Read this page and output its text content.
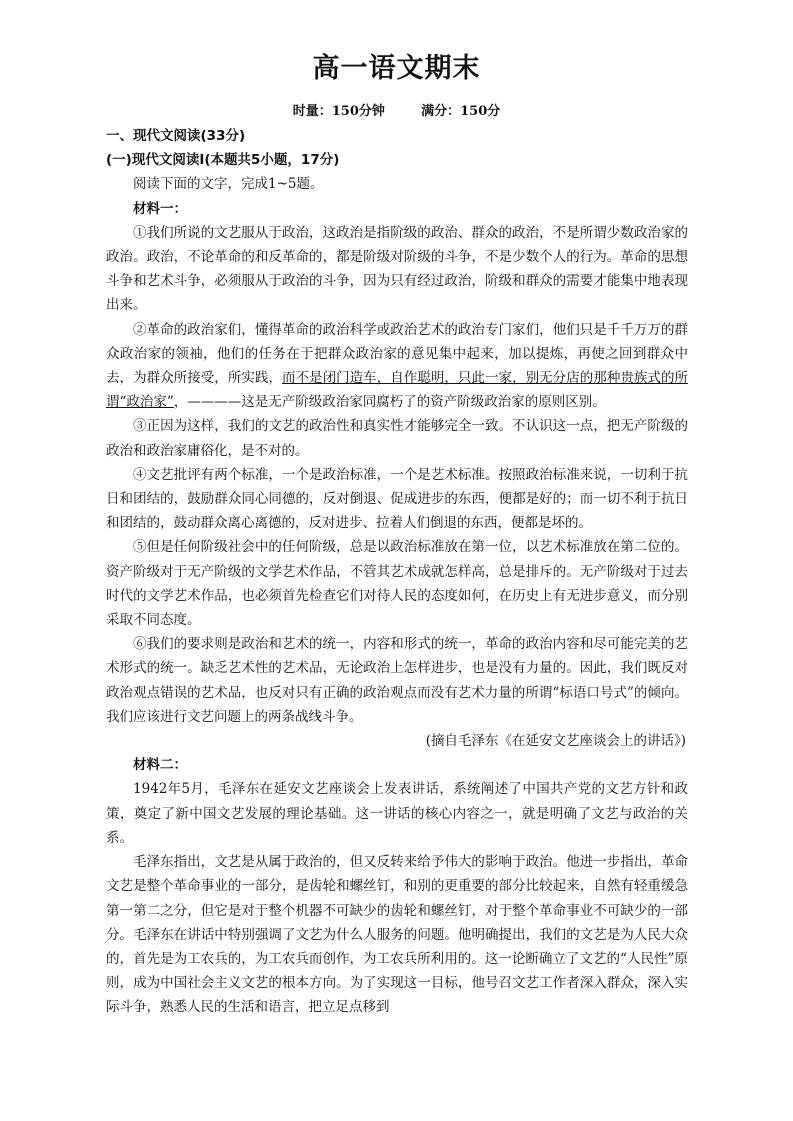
高一语文期末
时量：150分钟	满分：150分

一、现代文阅读(33分)

(一)现代文阅读Ⅰ(本题共5小题，17分)

阅读下面的文字，完成1~5题。

材料一：

①我们所说的文艺服从于政治，这政治是指阶级的政治、群众的政治，不是所谓少数政治家的政治。政治，不论革命的和反革命的，都是阶级对阶级的斗争，不是少数个人的行为。革命的思想斗争和艺术斗争，必须服从于政治的斗争，因为只有经过政治，阶级和群众的需要才能集中地表现出来。

②革命的政治家们，懂得革命的政治科学或政治艺术的政治专门家们，他们只是千千万万的群众政治家的领袖，他们的任务在于把群众政治家的意见集中起来，加以提炼，再使之回到群众中去，为群众所接受，所实践，而不是闭门造车，自作聪明，只此一家，别无分店的那种贵族式的所谓“政治家”，————这是无产阶级政治家同腐朽了的资产阶级政治家的原则区别。

③正因为这样，我们的文艺的政治性和真实性才能够完全一致。不认识这一点，把无产阶级的政治和政治家庸俗化，是不对的。

④文艺批评有两个标准，一个是政治标准，一个是艺术标准。按照政治标准来说，一切利于抗日和团结的，鼓励群众同心同德的，反对倒退、促成进步的东西，便都是好的；而一切不利于抗日和团结的，鼓动群众离心离德的，反对进步、拉着人们倒退的东西，便都是坏的。

⑤但是任何阶级社会中的任何阶级，总是以政治标准放在第一位，以艺术标准放在第二位的。资产阶级对于无产阶级的文学艺术作品，不管其艺术成就怎样高，总是排斥的。无产阶级对于过去时代的文学艺术作品，也必须首先检查它们对待人民的态度如何，在历史上有无进步意义，而分别采取不同态度。

⑥我们的要求则是政治和艺术的统一，内容和形式的统一，革命的政治内容和尽可能完美的艺术形式的统一。缺乏艺术性的艺术品，无论政治上怎样进步，也是没有力量的。因此，我们既反对政治观点错误的艺术品，也反对只有正确的政治观点而没有艺术力量的所谓“标语口号式”的倾向。我们应该进行文艺问题上的两条战线斗争。

(摘自毛泽东《在延安文艺座谈会上的讲话》)

材料二：

1942年5月，毛泽东在延安文艺座谈会上发表讲话，系统阐述了中国共产党的文艺方针和政策，奠定了新中国文艺发展的理论基础。这一讲话的核心内容之一，就是明确了文艺与政治的关系。

毛泽东指出，文艺是从属于政治的，但又反转来给予伟大的影响于政治。他进一步指出，革命文艺是整个革命事业的一部分，是齿轮和螺丝钉，和别的更重要的部分比较起来，自然有轻重缓急第一第二之分，但它是对于整个机器不可缺少的齿轮和螺丝钉，对于整个革命事业不可缺少的一部分。毛泽东在讲话中特别强调了文艺为什么人服务的问题。他明确提出，我们的文艺是为人民大众的，首先是为工农兵的，为工农兵而创作，为工农兵所利用的。这一论断确立了文艺的“人民性”原则，成为中国社会主义文艺的根本方向。为了实现这一目标，他号召文艺工作者深入群众，深入实际斗争，熟悉人民的生活和语言，把立足点移到
